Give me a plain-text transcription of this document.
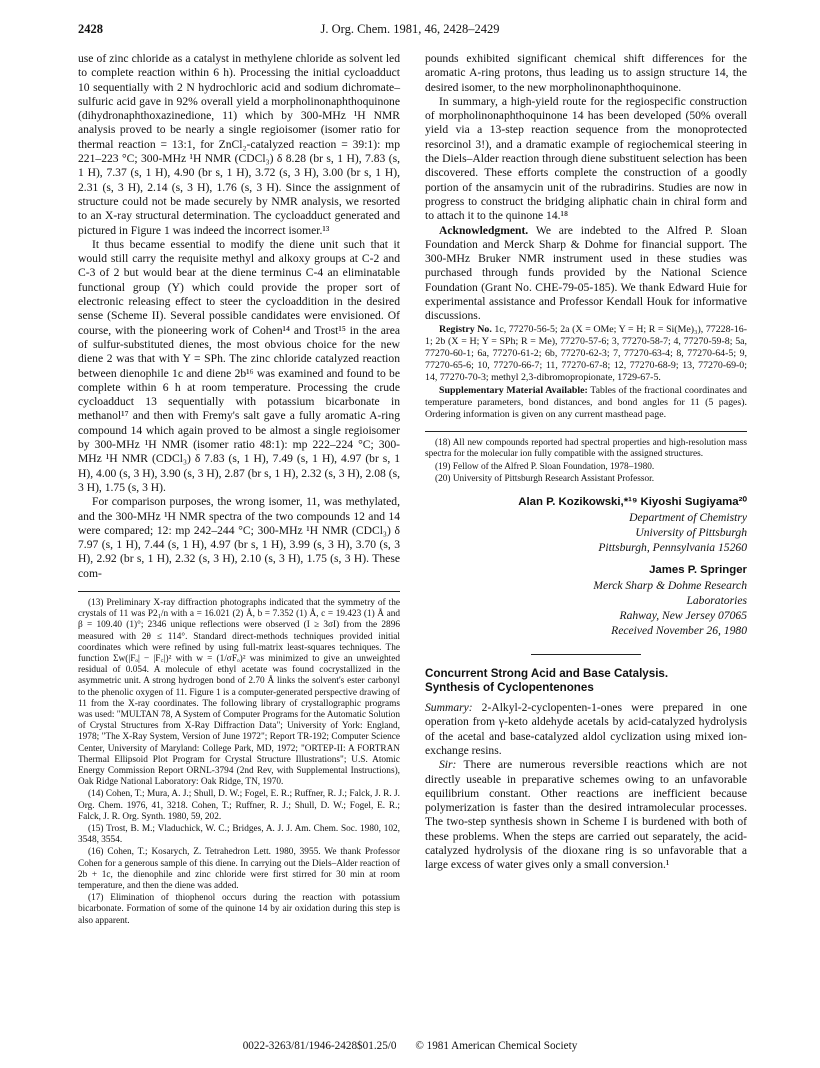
2428	J. Org. Chem. 1981, 46, 2428–2429

use of zinc chloride as a catalyst in methylene chloride as solvent led to complete reaction within 6 h). Processing the initial cycloadduct 10 sequentially with 2 N hydrochloric acid and sodium dichromate–sulfuric acid gave in 92% overall yield a morpholinonaphthoquinone (dihydronaphthoxazinedione, 11) which by 300-MHz ¹H NMR analysis proved to be nearly a single regioisomer (isomer ratio for thermal reaction = 13:1, for ZnCl₂-catalyzed reaction = 39:1): mp 221–223 °C; 300-MHz ¹H NMR (CDCl₃) δ 8.28 (br s, 1 H), 7.83 (s, 1 H), 7.37 (s, 1 H), 4.90 (br s, 1 H), 3.72 (s, 3 H), 3.00 (br s, 1 H), 2.31 (s, 3 H), 2.14 (s, 3 H), 1.76 (s, 3 H). Since the assignment of structure could not be made securely by NMR analysis, we resorted to an X-ray structural determination. The cycloadduct generated and pictured in Figure 1 was indeed the incorrect isomer.¹³

It thus became essential to modify the diene unit such that it would still carry the requisite methyl and alkoxy groups at C-2 and C-3 of 2 but would bear at the diene terminus C-4 an eliminatable functional group (Y) which could provide the proper sort of electronic releasing effect to steer the cycloaddition in the desired sense (Scheme II). Several possible candidates were envisioned. Of course, with the pioneering work of Cohen¹⁴ and Trost¹⁵ in the area of sulfur-substituted dienes, the most obvious choice for the new diene 2 was that with Y = SPh. The zinc chloride catalyzed reaction between dienophile 1c and diene 2b¹⁶ was examined and found to be complete within 6 h at room temperature. Processing the crude cycloadduct 13 sequentially with potassium bicarbonate in methanol¹⁷ and then with Fremy's salt gave a fully aromatic A-ring compound 14 which again proved to be almost a single regioisomer by 300-MHz ¹H NMR (isomer ratio 48:1): mp 222–224 °C; 300-MHz ¹H NMR (CDCl₃) δ 7.83 (s, 1 H), 7.49 (s, 1 H), 4.97 (br s, 1 H), 4.00 (s, 3 H), 3.90 (s, 3 H), 2.87 (br s, 1 H), 2.32 (s, 3 H), 2.08 (s, 3 H), 1.75 (s, 3 H).

For comparison purposes, the wrong isomer, 11, was methylated, and the 300-MHz ¹H NMR spectra of the two compounds 12 and 14 were compared; 12: mp 242–244 °C; 300-MHz ¹H NMR (CDCl₃) δ 7.97 (s, 1 H), 7.44 (s, 1 H), 4.97 (br s, 1 H), 3.99 (s, 3 H), 3.70 (s, 3 H), 2.92 (br s, 1 H), 2.32 (s, 3 H), 2.10 (s, 3 H), 1.75 (s, 3 H). These com-

(13) Preliminary X-ray diffraction photographs indicated that the symmetry of the crystals of 11 was P2₁/n with a = 16.021 (2) Å, b = 7.352 (1) Å, c = 19.423 (1) Å and β = 109.40 (1)°; 2346 unique reflections were observed (I ≥ 3σI) from the 2896 measured with 2θ ≤ 114°. Standard direct-methods techniques provided initial coordinates which were refined by using full-matrix least-squares techniques. The function Σw(|Fₒ| − |F꜀|)² with w = (1/σFₒ)² was minimized to give an unweighted residual of 0.054. A molecule of ethyl acetate was found cocrystallized in the asymmetric unit. A strong hydrogen bond of 2.70 Å links the solvent's ester carbonyl to the phenolic oxygen of 11. Figure 1 is a computer-generated perspective drawing of 11 from the X-ray coordinates. The following library of crystallographic programs was used: "MULTAN 78, A System of Computer Programs for the Automatic Solution of Crystal Structures from X-Ray Diffraction Data"; University of York: England, 1978; "The X-Ray System, Version of June 1972"; Report TR-192; Computer Science Center, University of Maryland: College Park, MD, 1972; "ORTEP-II: A FORTRAN Thermal Ellipsoid Plot Program for Crystal Structure Illustrations"; U.S. Atomic Energy Commission Report ORNL-3794 (2nd Rev, with Supplemental Instructions), Oak Ridge National Laboratory: Oak Ridge, TN, 1970.

(14) Cohen, T.; Mura, A. J.; Shull, D. W.; Fogel, E. R.; Ruffner, R. J.; Falck, J. R. J. Org. Chem. 1976, 41, 3218. Cohen, T.; Ruffner, R. J.; Shull, D. W.; Fogel, E. R.; Falck, J. R. Org. Synth. 1980, 59, 202.

(15) Trost, B. M.; Vladuchick, W. C.; Bridges, A. J. J. Am. Chem. Soc. 1980, 102, 3548, 3554.

(16) Cohen, T.; Kosarych, Z. Tetrahedron Lett. 1980, 3955. We thank Professor Cohen for a generous sample of this diene. In carrying out the Diels–Alder reaction of 2b + 1c, the dienophile and zinc chloride were first stirred for 30 min at room temperature, and then the diene was added.

(17) Elimination of thiophenol occurs during the reaction with potassium bicarbonate. Formation of some of the quinone 14 by air oxidation during this step is also apparent.

pounds exhibited significant chemical shift differences for the aromatic A-ring protons, thus leading us to assign structure 14, the desired isomer, to the new morpholinonaphthoquinone.

In summary, a high-yield route for the regiospecific construction of morpholinonaphthoquinone 14 has been developed (50% overall yield via a 13-step reaction sequence from the monoprotected resorcinol 3!), and a dramatic example of regiochemical steering in the Diels–Alder reaction through diene substituent selection has been discovered. These efforts complete the construction of a goodly portion of the ansamycin unit of the rubradirins. Studies are now in progress to construct the bridging aliphatic chain in chiral form and to attach it to the quinone 14.¹⁸

Acknowledgment. We are indebted to the Alfred P. Sloan Foundation and Merck Sharp & Dohme for financial support. The 300-MHz Bruker NMR instrument used in these studies was purchased through funds provided by the National Science Foundation (Grant No. CHE-79-05-185). We thank Edward Huie for experimental assistance and Professor Kendall Houk for informative discussions.

Registry No. 1c, 77270-56-5; 2a (X = OMe; Y = H; R = Si(Me)₃), 77228-16-1; 2b (X = H; Y = SPh; R = Me), 77270-57-6; 3, 77270-58-7; 4, 77270-59-8; 5a, 77270-60-1; 6a, 77270-61-2; 6b, 77270-62-3; 7, 77270-63-4; 8, 77270-64-5; 9, 77270-65-6; 10, 77270-66-7; 11, 77270-67-8; 12, 77270-68-9; 13, 77270-69-0; 14, 77270-70-3; methyl 2,3-dibromopropionate, 1729-67-5.

Supplementary Material Available: Tables of the fractional coordinates and temperature parameters, bond distances, and bond angles for 11 (5 pages). Ordering information is given on any current masthead page.

(18) All new compounds reported had spectral properties and high-resolution mass spectra for the molecular ion fully compatible with the assigned structures.

(19) Fellow of the Alfred P. Sloan Foundation, 1978–1980.

(20) University of Pittsburgh Research Assistant Professor.

Alan P. Kozikowski,*¹⁹ Kiyoshi Sugiyama²⁰
Department of Chemistry
University of Pittsburgh
Pittsburgh, Pennsylvania 15260
James P. Springer
Merck Sharp & Dohme Research
Laboratories
Rahway, New Jersey 07065
Received November 26, 1980
Concurrent Strong Acid and Base Catalysis.
Synthesis of Cyclopentenones

Summary: 2-Alkyl-2-cyclopenten-1-ones were prepared in one operation from γ-keto aldehyde acetals by acid-catalyzed hydrolysis of the acetal and base-catalyzed aldol cyclization using mixed ion-exchange resins.

Sir: There are numerous reversible reactions which are not directly useable in preparative schemes owing to an unfavorable equilibrium constant. Other reactions are inefficient because polymerization is faster than the desired intramolecular processes. The two-step synthesis shown in Scheme I is burdened with both of these problems. When the steps are carried out separately, the acid-catalyzed hydrolysis of the dioxane ring is so unfavorable that a large excess of water gives only a small conversion.¹

0022-3263/81/1946-2428$01.25/0 © 1981 American Chemical Society
